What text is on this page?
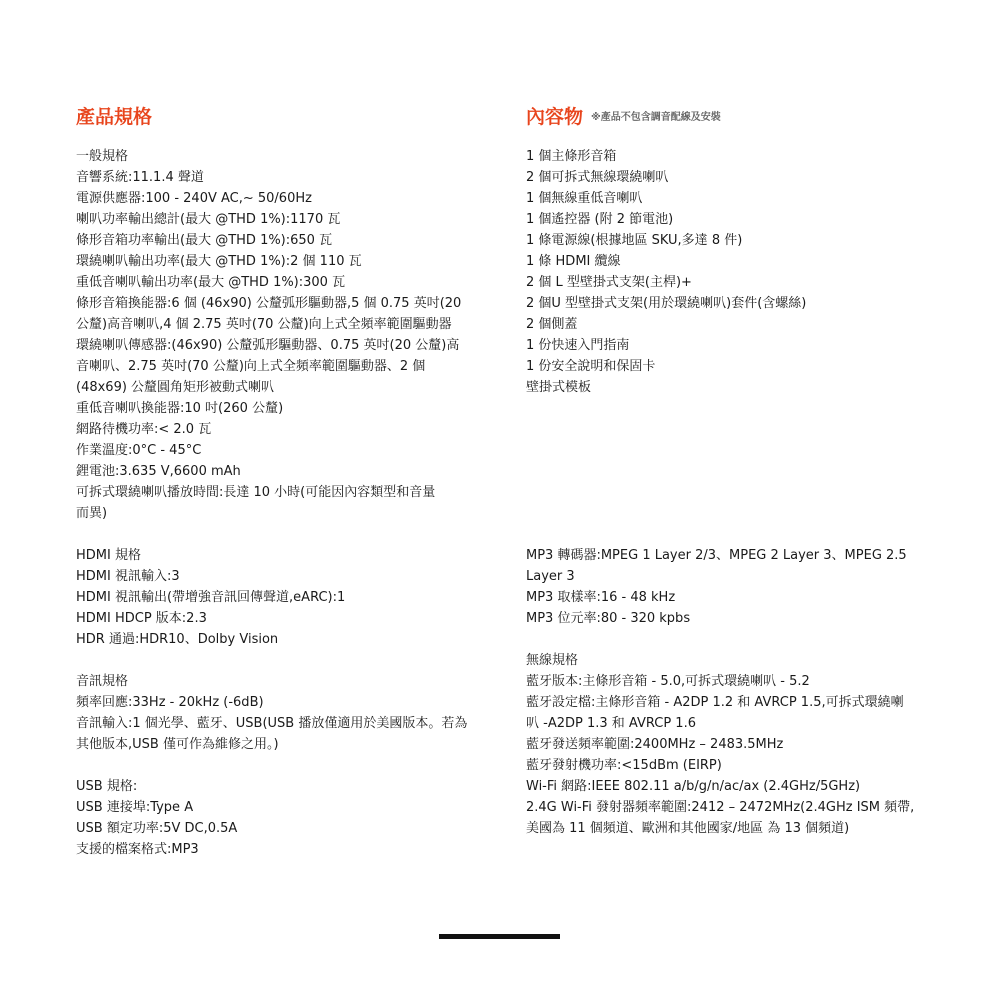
產品規格

一般規格

音響系統:11.1.4 聲道

電源供應器:100 - 240V AC,~ 50/60Hz

喇叭功率輸出總計(最大 @THD 1%):1170 瓦

條形音箱功率輸出(最大 @THD 1%):650 瓦

環繞喇叭輸出功率(最大 @THD 1%):2 個 110 瓦

重低音喇叭輸出功率(最大 @THD 1%):300 瓦

條形音箱換能器:6 個 (46x90) 公釐弧形驅動器,5 個 0.75 英吋(20

公釐)高音喇叭,4 個 2.75 英吋(70 公釐)向上式全頻率範圍驅動器

環繞喇叭傳感器:(46x90) 公釐弧形驅動器、0.75 英吋(20 公釐)高

音喇叭、2.75 英吋(70 公釐)向上式全頻率範圍驅動器、2 個

(48x69) 公釐圓角矩形被動式喇叭

重低音喇叭換能器:10 吋(260 公釐)

網路待機功率:< 2.0 瓦

作業溫度:0°C - 45°C

鋰電池:3.635 V,6600 mAh

可拆式環繞喇叭播放時間:長達 10 小時(可能因內容類型和音量

而異)

HDMI 規格

HDMI 視訊輸入:3

HDMI 視訊輸出(帶增強音訊回傳聲道,eARC):1

HDMI HDCP 版本:2.3

HDR 通過:HDR10、Dolby Vision

音訊規格

頻率回應:33Hz - 20kHz (-6dB)

音訊輸入:1 個光學、藍牙、USB(USB 播放僅適用於美國版本。若為

其他版本,USB 僅可作為維修之用。)

USB 規格:

USB 連接埠:Type A

USB 額定功率:5V DC,0.5A

支援的檔案格式:MP3

內容物 ※產品不包含調音配線及安裝

1 個主條形音箱

2 個可拆式無線環繞喇叭

1 個無線重低音喇叭

1 個遙控器 (附 2 節電池)

1 條電源線(根據地區 SKU,多達 8 件)

1 條 HDMI 纜線

2 個 L 型壁掛式支架(主桿)+

2 個U 型壁掛式支架(用於環繞喇叭)套件(含螺絲)

2 個側蓋

1 份快速入門指南

1 份安全說明和保固卡

壁掛式模板

MP3 轉碼器:MPEG 1 Layer 2/3、MPEG 2 Layer 3、MPEG 2.5

Layer 3

MP3 取樣率:16 - 48 kHz

MP3 位元率:80 - 320 kpbs

無線規格

藍牙版本:主條形音箱 - 5.0,可拆式環繞喇叭 - 5.2

藍牙設定檔:主條形音箱 - A2DP 1.2 和 AVRCP 1.5,可拆式環繞喇

叭 -A2DP 1.3 和 AVRCP 1.6

藍牙發送頻率範圍:2400MHz – 2483.5MHz

藍牙發射機功率:<15dBm (EIRP)

Wi-Fi 網路:IEEE 802.11 a/b/g/n/ac/ax (2.4GHz/5GHz)

2.4G Wi-Fi 發射器頻率範圍:2412 – 2472MHz(2.4GHz ISM 頻帶,

美國為 11 個頻道、歐洲和其他國家/地區 為 13 個頻道)
